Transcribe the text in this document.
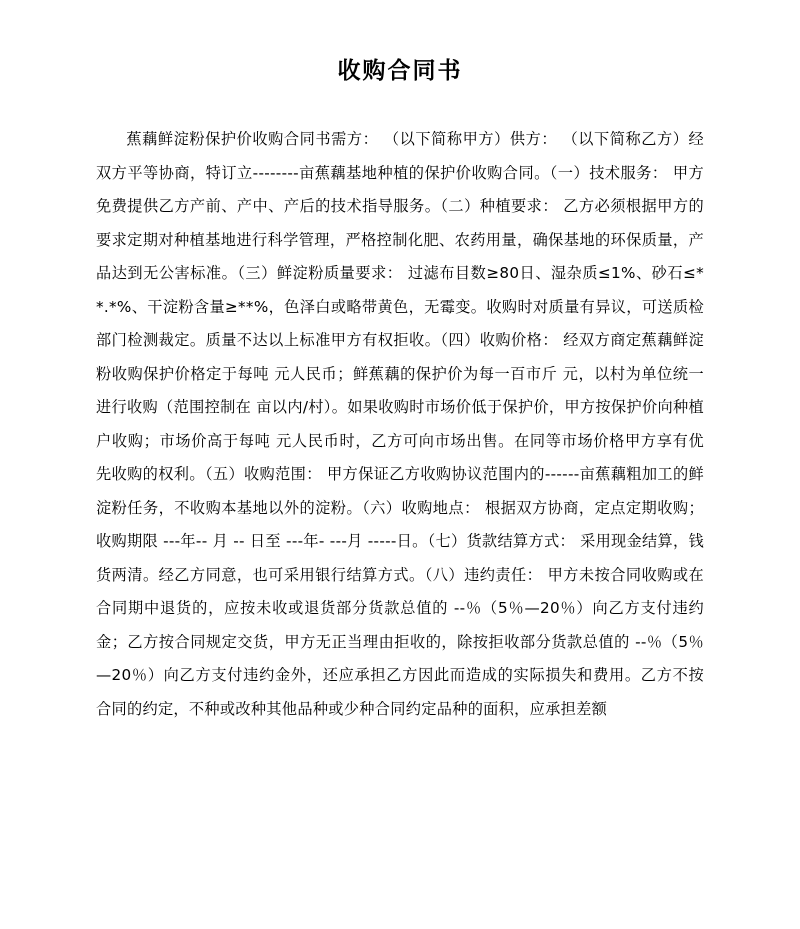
收购合同书

蕉藕鲜淀粉保护价收购合同书需方： （以下简称甲方）供方： （以下简称乙方）经双方平等协商，特订立--------亩蕉藕基地种植的保护价收购合同。（一）技术服务： 甲方免费提供乙方产前、产中、产后的技术指导服务。（二）种植要求： 乙方必须根据甲方的要求定期对种植基地进行科学管理，严格控制化肥、农药用量，确保基地的环保质量，产品达到无公害标准。（三）鲜淀粉质量要求： 过滤布目数≥80日、湿杂质≤1%、砂石≤**.*%、干淀粉含量≥**%，色泽白或略带黄色，无霉变。收购时对质量有异议，可送质检部门检测裁定。质量不达以上标准甲方有权拒收。（四）收购价格： 经双方商定蕉藕鲜淀粉收购保护价格定于每吨 元人民币；鲜蕉藕的保护价为每一百市斤 元，以村为单位统一进行收购（范围控制在 亩以内/村）。如果收购时市场价低于保护价，甲方按保护价向种植户收购；市场价高于每吨 元人民币时，乙方可向市场出售。在同等市场价格甲方享有优先收购的权利。（五）收购范围： 甲方保证乙方收购协议范围内的------亩蕉藕粗加工的鲜淀粉任务，不收购本基地以外的淀粉。（六）收购地点： 根据双方协商，定点定期收购；收购期限 ---年-- 月 -- 日至 ---年- ---月 -----日。（七）货款结算方式： 采用现金结算，钱货两清。经乙方同意，也可采用银行结算方式。（八）违约责任： 甲方未按合同收购或在合同期中退货的，应按未收或退货部分货款总值的 --％（5％—20％）向乙方支付违约金；乙方按合同规定交货，甲方无正当理由拒收的，除按拒收部分货款总值的 --％（5％—20％）向乙方支付违约金外，还应承担乙方因此而造成的实际损失和费用。乙方不按合同的约定，不种或改种其他品种或少种合同约定品种的面积，应承担差额
